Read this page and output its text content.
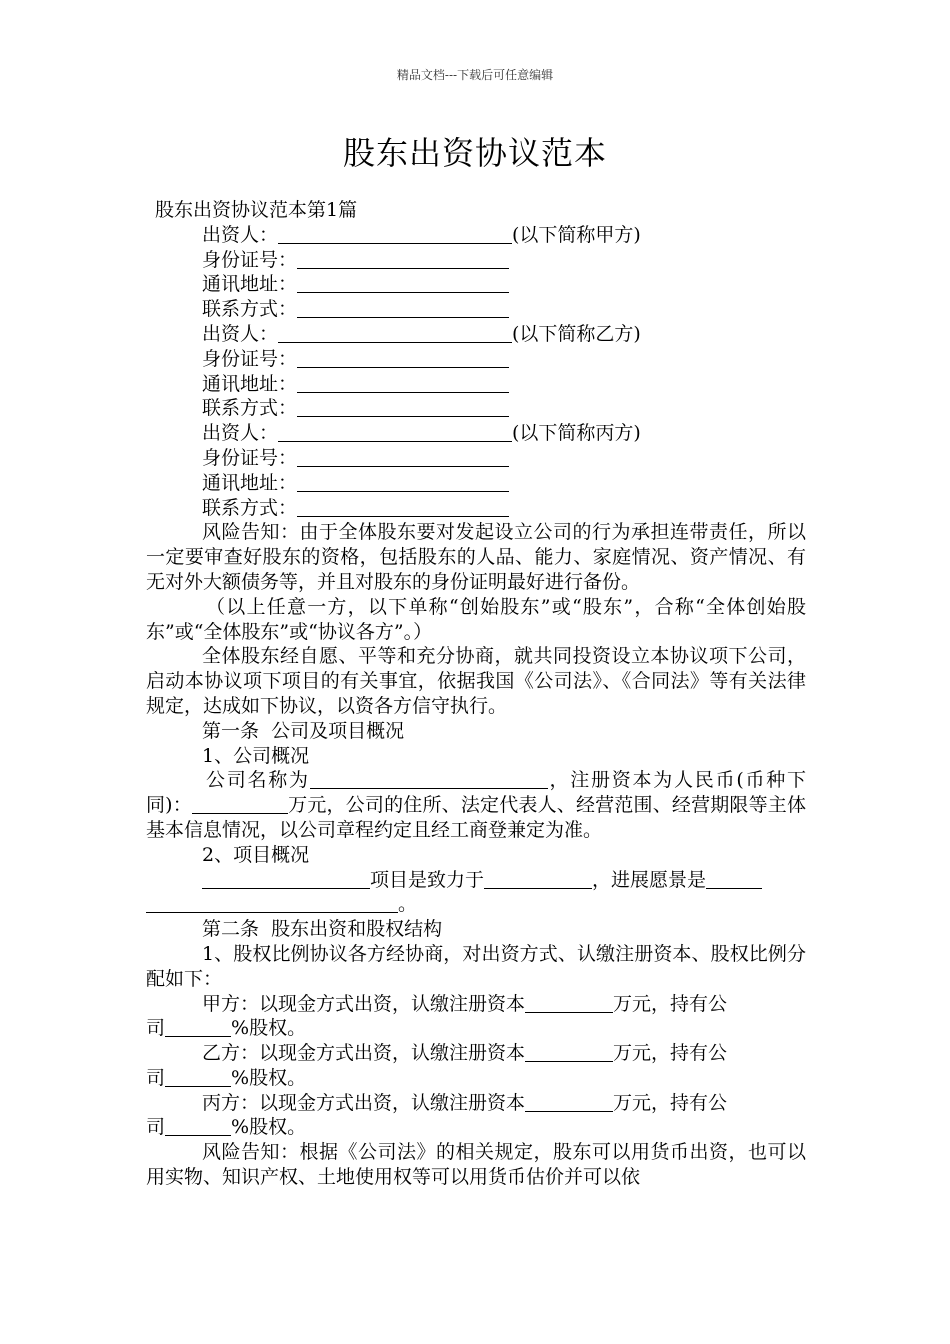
精品文档---下载后可任意编辑
股东出资协议范本
股东出资协议范本第1篇
出资人：	(以下简称甲方)
身份证号：
通讯地址：
联系方式：
出资人：	(以下简称乙方)
身份证号：
通讯地址：
联系方式：
出资人：	(以下简称丙方)
身份证号：
通讯地址：
联系方式：
风险告知：由于全体股东要对发起设立公司的行为承担连带责任，所以一定要审查好股东的资格，包括股东的人品、能力、家庭情况、资产情况、有无对外大额债务等，并且对股东的身份证明最好进行备份。
（以上任意一方，以下单称“创始股东”或“股东”，合称“全体创始股东”或“全体股东”或“协议各方”。）
全体股东经自愿、平等和充分协商，就共同投资设立本协议项下公司，启动本协议项下项目的有关事宜，依据我国《公司法》、《合同法》等有关法律规定，达成如下协议，以资各方信守执行。
第一条  公司及项目概况
1、公司概况
公司名称为	，注册资本为人民币(币种下同)：	万元，公司的住所、法定代表人、经营范围、经营期限等主体基本信息情况，以公司章程约定且经工商登兼定为准。
2、项目概况
项目是致力于	，进展愿景是
。
第二条  股东出资和股权结构
1、股权比例协议各方经协商，对出资方式、认缴注册资本、股权比例分配如下：
甲方：以现金方式出资，认缴注册资本	万元，持有公
司	%股权。
乙方：以现金方式出资，认缴注册资本	万元，持有公
司	%股权。
丙方：以现金方式出资，认缴注册资本	万元，持有公
司	%股权。
风险告知：根据《公司法》的相关规定，股东可以用货币出资，也可以用实物、知识产权、土地使用权等可以用货币估价并可以依
